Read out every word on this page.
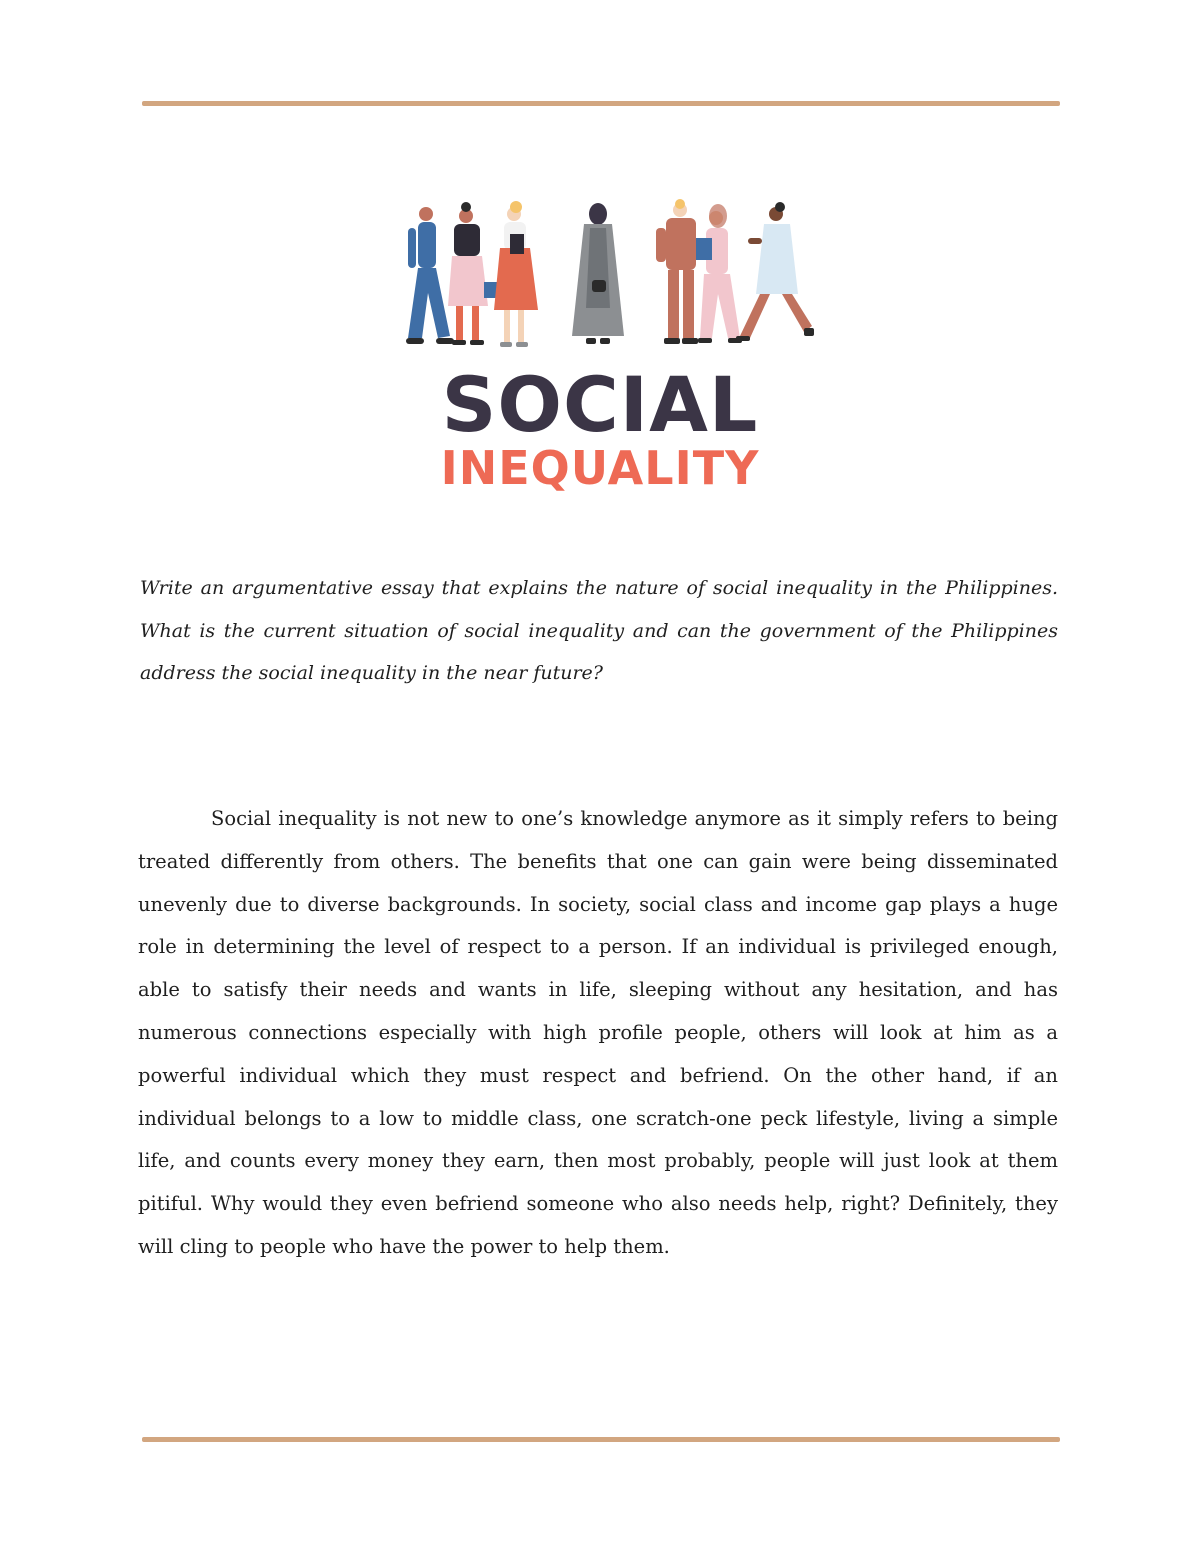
SOCIAL
INEQUALITY

Write an argumentative essay that explains the nature of social inequality in the Philippines. What is the current situation of social inequality and can the government of the Philippines address the social inequality in the near future?

Social inequality is not new to one’s knowledge anymore as it simply refers to being treated differently from others. The benefits that one can gain were being disseminated unevenly due to diverse backgrounds. In society, social class and income gap plays a huge role in determining the level of respect to a person. If an individual is privileged enough, able to satisfy their needs and wants in life, sleeping without any hesitation, and has numerous connections especially with high profile people, others will look at him as a powerful individual which they must respect and befriend. On the other hand, if an individual belongs to a low to middle class, one scratch-one peck lifestyle, living a simple life, and counts every money they earn, then most probably, people will just look at them pitiful. Why would they even befriend someone who also needs help, right? Definitely, they will cling to people who have the power to help them.
